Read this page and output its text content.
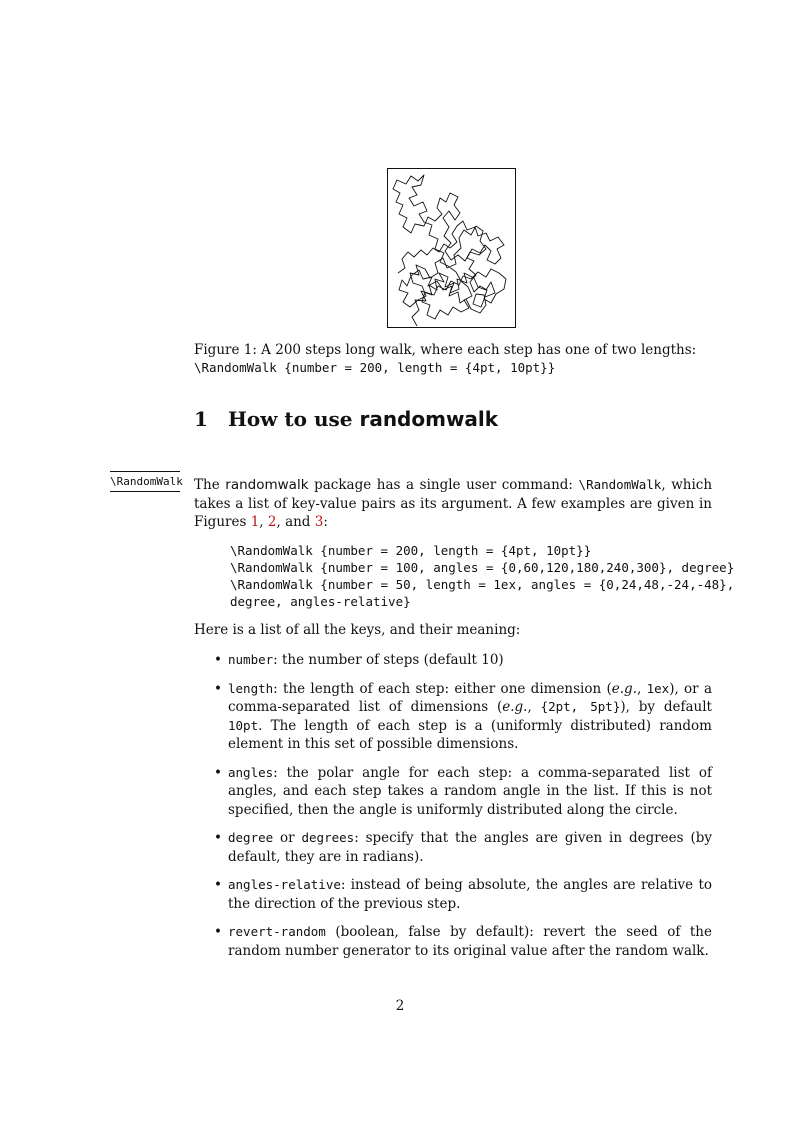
Figure 1: A 200 steps long walk, where each step has one of two lengths: \RandomWalk {number = 200, length = {4pt, 10pt}}
1 How to use randomwalk
\RandomWalk The randomwalk package has a single user command: \RandomWalk, which takes a list of key-value pairs as its argument. A few examples are given in Figures 1, 2, and 3:

\RandomWalk {number = 200, length = {4pt, 10pt}}
\RandomWalk {number = 100, angles = {0,60,120,180,240,300}, degree}
\RandomWalk {number = 50, length = 1ex, angles = {0,24,48,-24,-48},
degree, angles-relative}

Here is a list of all the keys, and their meaning:

• number: the number of steps (default 10)
• length: the length of each step: either one dimension (e.g., 1ex), or a comma-separated list of dimensions (e.g., {2pt, 5pt}), by default 10pt. The length of each step is a (uniformly distributed) random element in this set of possible dimensions.
• angles: the polar angle for each step: a comma-separated list of angles, and each step takes a random angle in the list. If this is not specified, then the angle is uniformly distributed along the circle.
• degree or degrees: specify that the angles are given in degrees (by default, they are in radians).
• angles-relative: instead of being absolute, the angles are relative to the direction of the previous step.
• revert-random (boolean, false by default): revert the seed of the random number generator to its original value after the random walk.
2
